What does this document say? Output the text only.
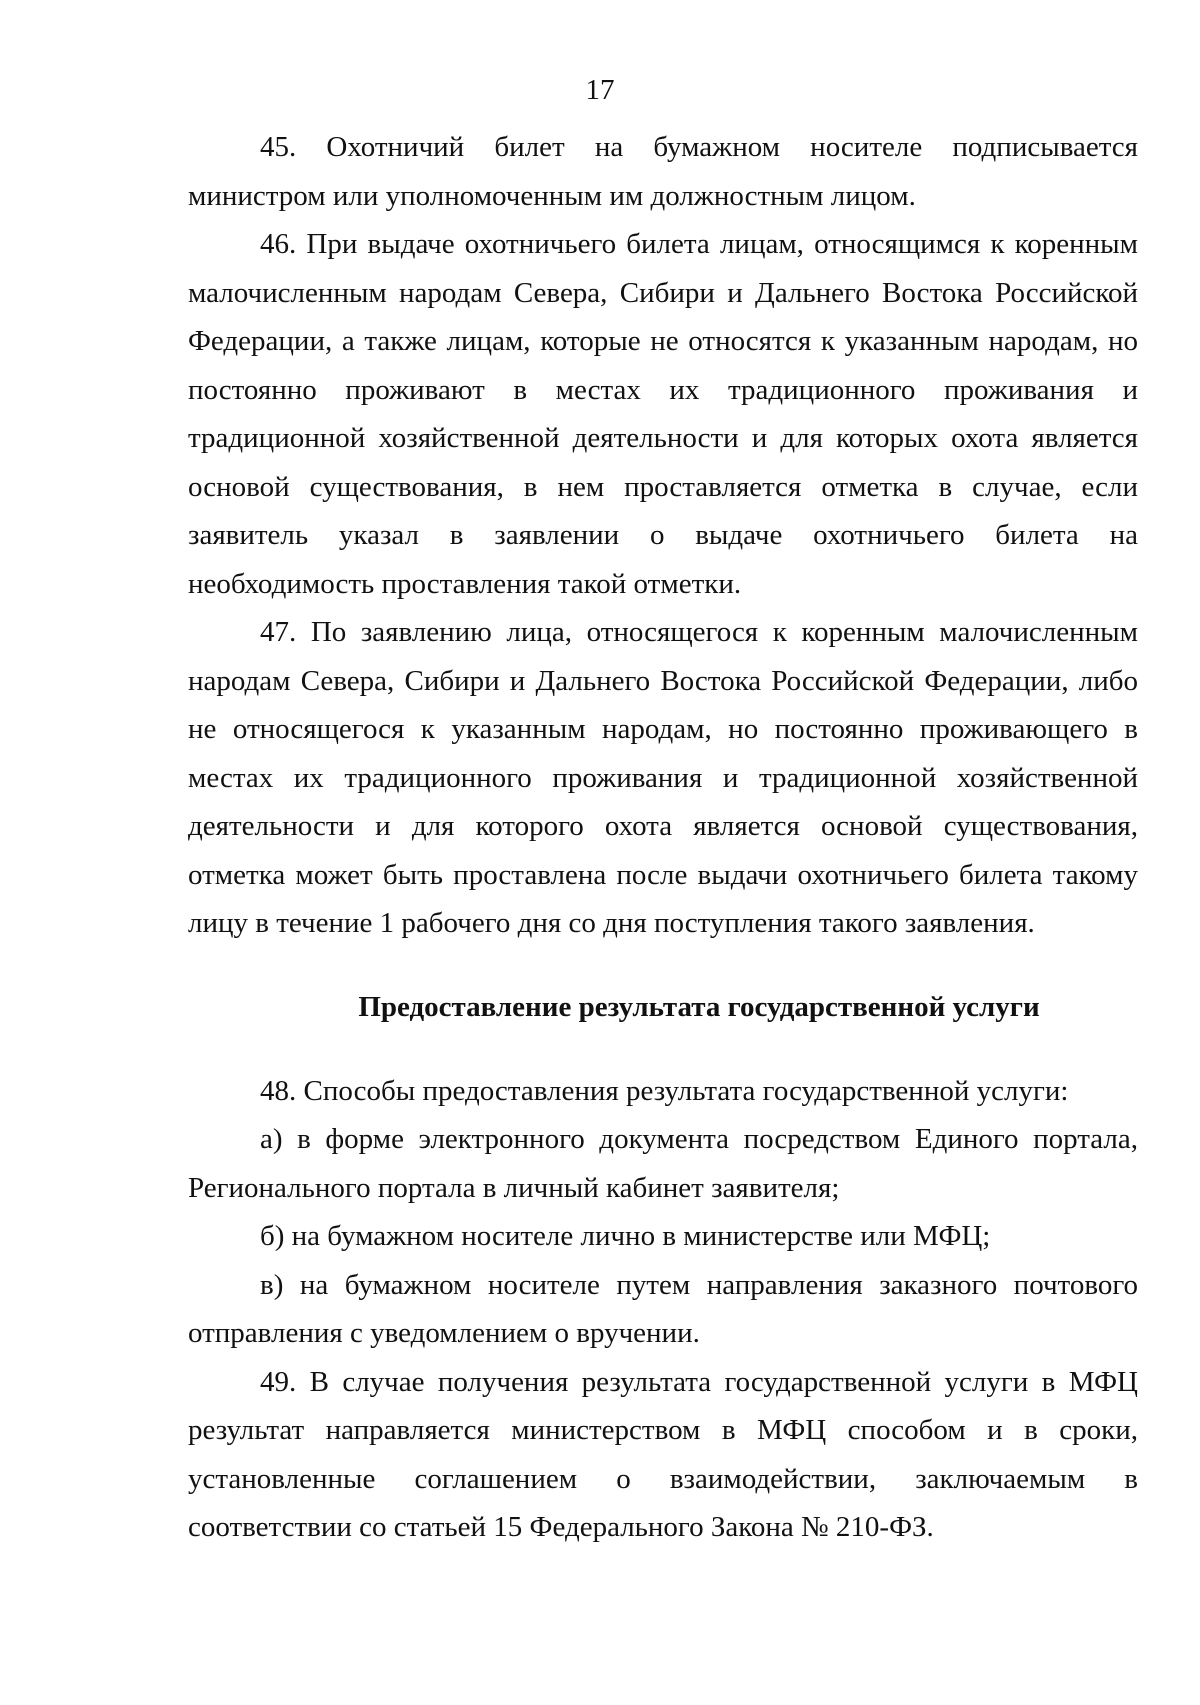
17

45. Охотничий билет на бумажном носителе подписывается министром или уполномоченным им должностным лицом.

46. При выдаче охотничьего билета лицам, относящимся к коренным малочисленным народам Севера, Сибири и Дальнего Востока Российской Федерации, а также лицам, которые не относятся к указанным народам, но постоянно проживают в местах их традиционного проживания и традиционной хозяйственной деятельности и для которых охота является основой существования, в нем проставляется отметка в случае, если заявитель указал в заявлении о выдаче охотничьего билета на необходимость проставления такой отметки.

47. По заявлению лица, относящегося к коренным малочисленным народам Севера, Сибири и Дальнего Востока Российской Федерации, либо не относящегося к указанным народам, но постоянно проживающего в местах их традиционного проживания и традиционной хозяйственной деятельности и для которого охота является основой существования, отметка может быть проставлена после выдачи охотничьего билета такому лицу в течение 1 рабочего дня со дня поступления такого заявления.

Предоставление результата государственной услуги

48. Способы предоставления результата государственной услуги:

а) в форме электронного документа посредством Единого портала, Регионального портала в личный кабинет заявителя;

б) на бумажном носителе лично в министерстве или МФЦ;

в) на бумажном носителе путем направления заказного почтового отправления с уведомлением о вручении.

49. В случае получения результата государственной услуги в МФЦ результат направляется министерством в МФЦ способом и в сроки, установленные соглашением о взаимодействии, заключаемым в соответствии со статьей 15 Федерального Закона № 210-ФЗ.
